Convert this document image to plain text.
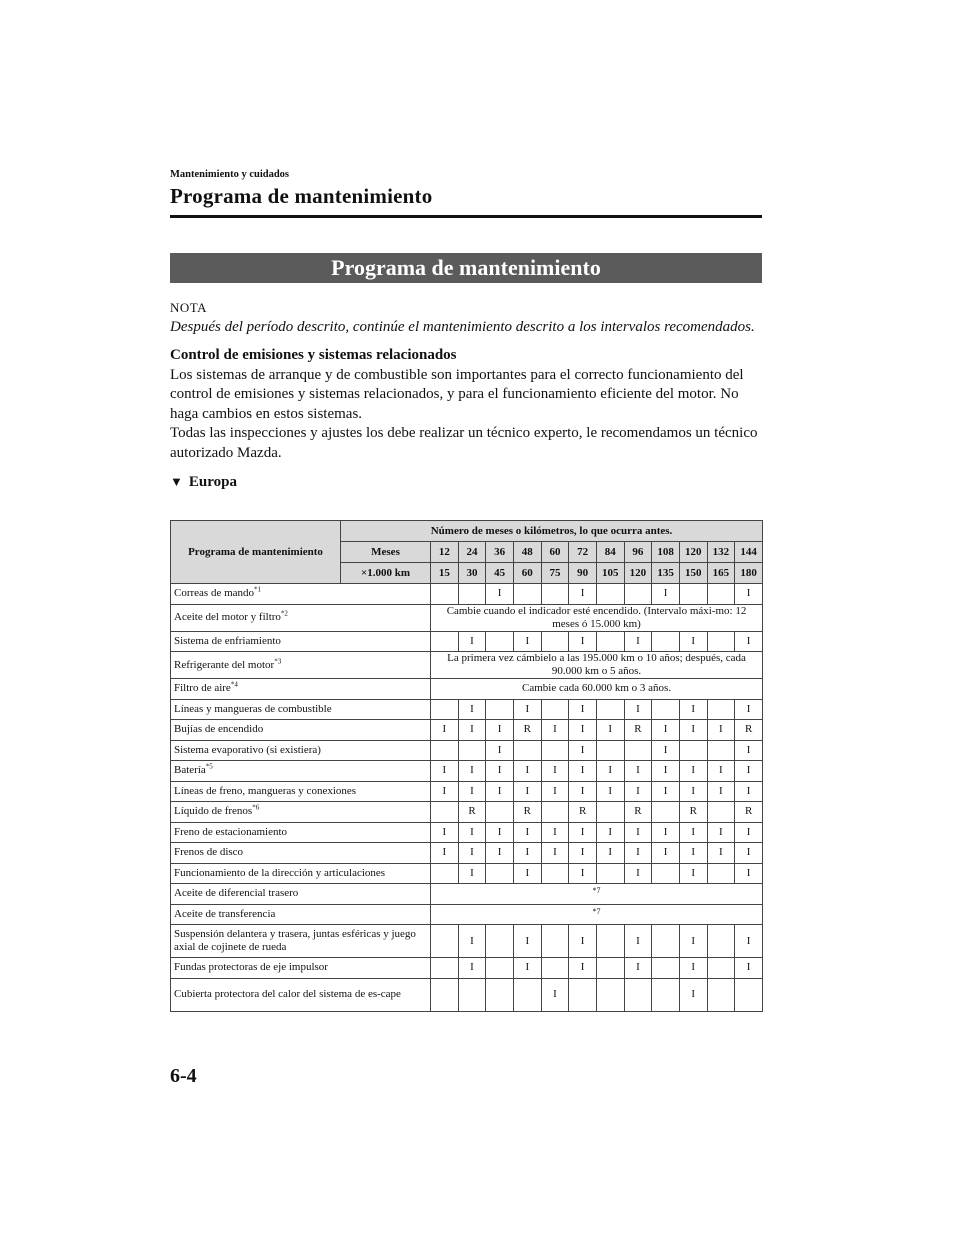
Mantenimiento y cuidados
Programa de mantenimiento
Programa de mantenimiento

NOTA

Después del período descrito, continúe el mantenimiento descrito a los intervalos recomendados.

Control de emisiones y sistemas relacionados

Los sistemas de arranque y de combustible son importantes para el correcto funcionamiento del control de emisiones y sistemas relacionados, y para el funcionamiento eficiente del motor. No haga cambios en estos sistemas.

Todas las inspecciones y ajustes los debe realizar un técnico experto, le recomendamos un técnico autorizado Mazda.

▼ Europa

Programa de mantenimiento	Número de meses o kilómetros, lo que ocurra antes.												
	Meses	12	24	36	48	60	72	84	96	108	120	132	144
	×1.000 km	15	30	45	60	75	90	105	120	135	150	165	180
Correas de mando$^{*1}$				I			I			I			I
Aceite del motor y filtro$^{*2}$		Cambie cuando el indicador esté encendido. (Intervalo máxi-mo: 12 meses ó 15.000 km)											
Sistema de enfriamiento			I		I		I		I		I		I
Refrigerante del motor$^{*3}$		La primera vez cámbielo a las 195.000 km o 10 años; después, cada 90.000 km o 5 años.											
Filtro de aire$^{*4}$		Cambie cada 60.000 km o 3 años.											
Líneas y mangueras de combustible			I		I		I		I		I		I
Bujías de encendido		I	I	I	R	I	I	I	R	I	I	I	R
Sistema evaporativo (si existiera)				I			I			I			I
Batería$^{*5}$		I	I	I	I	I	I	I	I	I	I	I	I
Líneas de freno, mangueras y conexiones		I	I	I	I	I	I	I	I	I	I	I	I
Líquido de frenos$^{*6}$			R		R		R		R		R		R
Freno de estacionamiento		I	I	I	I	I	I	I	I	I	I	I	I
Frenos de disco		I	I	I	I	I	I	I	I	I	I	I	I
Funcionamiento de la dirección y articulaciones			I		I		I		I		I		I
Aceite de diferencial trasero		*7											
Aceite de transferencia		*7											
Suspensión delantera y trasera, juntas esféricas y juego axial de cojinete de rueda			I		I		I		I		I		I
Fundas protectoras de eje impulsor			I		I		I		I		I		I
Cubierta protectora del calor del sistema de es-cape						I					I		
6-4
